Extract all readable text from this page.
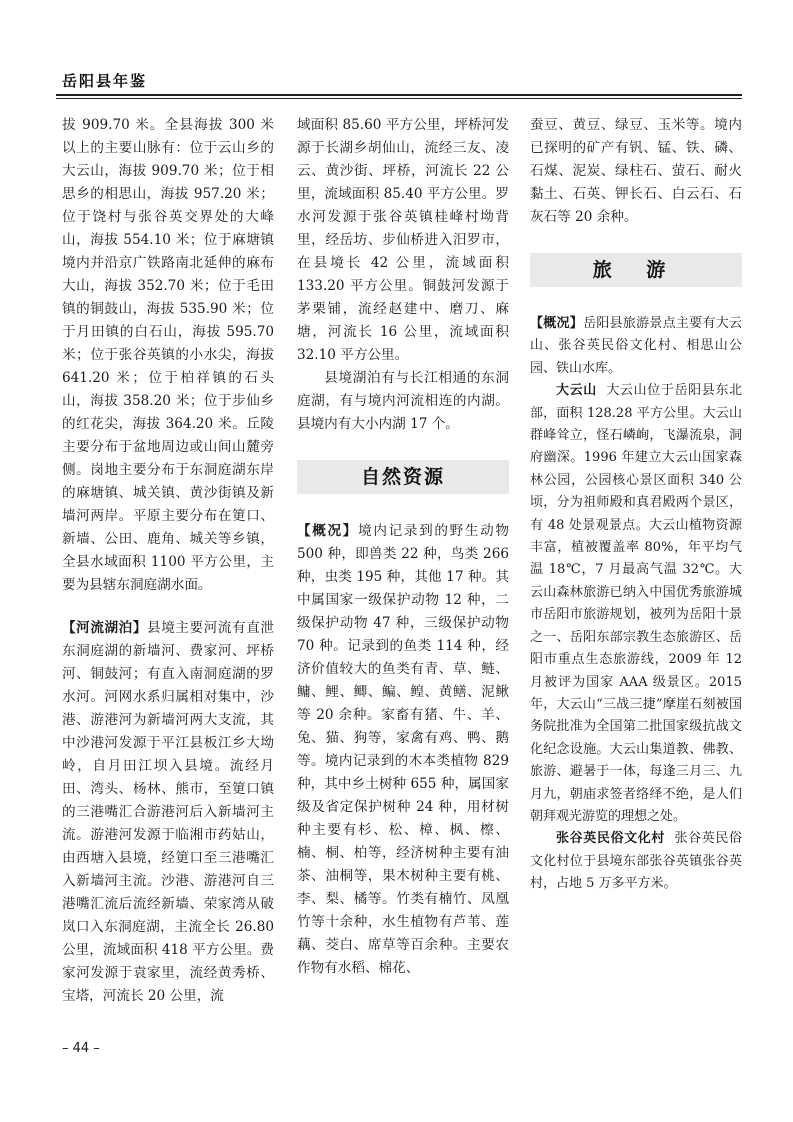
岳阳县年鉴

拔 909.70 米。全县海拔 300 米以上的主要山脉有：位于云山乡的大云山，海拔 909.70 米；位于相思乡的相思山，海拔 957.20 米；位于饶村与张谷英交界处的大峰山，海拔 554.10 米；位于麻塘镇境内并沿京广铁路南北延伸的麻布大山，海拔 352.70 米；位于毛田镇的铜鼓山，海拔 535.90 米；位于月田镇的白石山，海拔 595.70 米；位于张谷英镇的小水尖，海拔 641.20 米；位于柏祥镇的石头山，海拔 358.20 米；位于步仙乡的红花尖，海拔 364.20 米。丘陵主要分布于盆地周边或山间山麓旁侧。岗地主要分布于东洞庭湖东岸的麻塘镇、城关镇、黄沙街镇及新墙河两岸。平原主要分布在筻口、新墙、公田、鹿角、城关等乡镇，全县水域面积 1100 平方公里，主要为县辖东洞庭湖水面。

【河流湖泊】县境主要河流有直泄东洞庭湖的新墙河、费家河、坪桥河、铜鼓河；有直入南洞庭湖的罗水河。河网水系归属相对集中，沙港、游港河为新墙河两大支流，其中沙港河发源于平江县板江乡大坳岭，自月田江坝入县境。流经月田、湾头、杨林、熊市，至筻口镇的三港嘴汇合游港河后入新墙河主流。游港河发源于临湘市药姑山，由西塘入县境，经筻口至三港嘴汇入新墙河主流。沙港、游港河自三港嘴汇流后流经新墙、荣家湾从破岚口入东洞庭湖，主流全长 26.80 公里，流域面积 418 平方公里。费家河发源于袁家里，流经黄秀桥、宝塔，河流长 20 公里，流

域面积 85.60 平方公里，坪桥河发源于长湖乡胡仙山，流经三友、凌云、黄沙街、坪桥，河流长 22 公里，流域面积 85.40 平方公里。罗水河发源于张谷英镇桂峰村坳背里，经岳坊、步仙桥进入汨罗市，在县境长 42 公里，流域面积 133.20 平方公里。铜鼓河发源于茅栗铺，流经赵建中、磨刀、麻塘，河流长 16 公里，流域面积 32.10 平方公里。

县境湖泊有与长江相通的东洞庭湖，有与境内河流相连的内湖。县境内有大小内湖 17 个。

自然资源

【概况】境内记录到的野生动物 500 种，即兽类 22 种，鸟类 266 种，虫类 195 种，其他 17 种。其中属国家一级保护动物 12 种，二级保护动物 47 种，三级保护动物 70 种。记录到的鱼类 114 种，经济价值较大的鱼类有青、草、鲢、鳙、鲤、鲫、鳊、鳇、黄鳝、泥鳅等 20 余种。家畜有猪、牛、羊、兔、猫、狗等，家禽有鸡、鸭、鹅等。境内记录到的木本类植物 829 种，其中乡土树种 655 种，属国家级及省定保护树种 24 种，用材树种主要有杉、松、樟、枫、檫、楠、桐、柏等，经济树种主要有油茶、油桐等，果木树种主要有桃、李、梨、橘等。竹类有楠竹、凤凰竹等十余种，水生植物有芦苇、莲藕、茭白、席草等百余种。主要农作物有水稻、棉花、

蚕豆、黄豆、绿豆、玉米等。境内已探明的矿产有钒、锰、铁、磷、石煤、泥炭、绿柱石、萤石、耐火黏土、石英、钾长石、白云石、石灰石等 20 余种。

旅 游

【概况】岳阳县旅游景点主要有大云山、张谷英民俗文化村、相思山公园、铁山水库。

大云山 大云山位于岳阳县东北部，面积 128.28 平方公里。大云山群峰耸立，怪石嶙峋，飞瀑流泉，洞府幽深。1996 年建立大云山国家森林公园，公园核心景区面积 340 公顷，分为祖师殿和真君殿两个景区，有 48 处景观景点。大云山植物资源丰富，植被覆盖率 80%，年平均气温 18℃，7 月最高气温 32℃。大云山森林旅游已纳入中国优秀旅游城市岳阳市旅游规划，被列为岳阳十景之一、岳阳东部宗教生态旅游区、岳阳市重点生态旅游线，2009 年 12 月被评为国家 AAA 级景区。2015 年，大云山“三战三捷”摩崖石刻被国务院批准为全国第二批国家级抗战文化纪念设施。大云山集道教、佛教、旅游、避暑于一体，每逢三月三、九月九，朝庙求签者络绎不绝，是人们朝拜观光游览的理想之处。

张谷英民俗文化村 张谷英民俗文化村位于县境东部张谷英镇张谷英村，占地 5 万多平方米。

– 44 –
